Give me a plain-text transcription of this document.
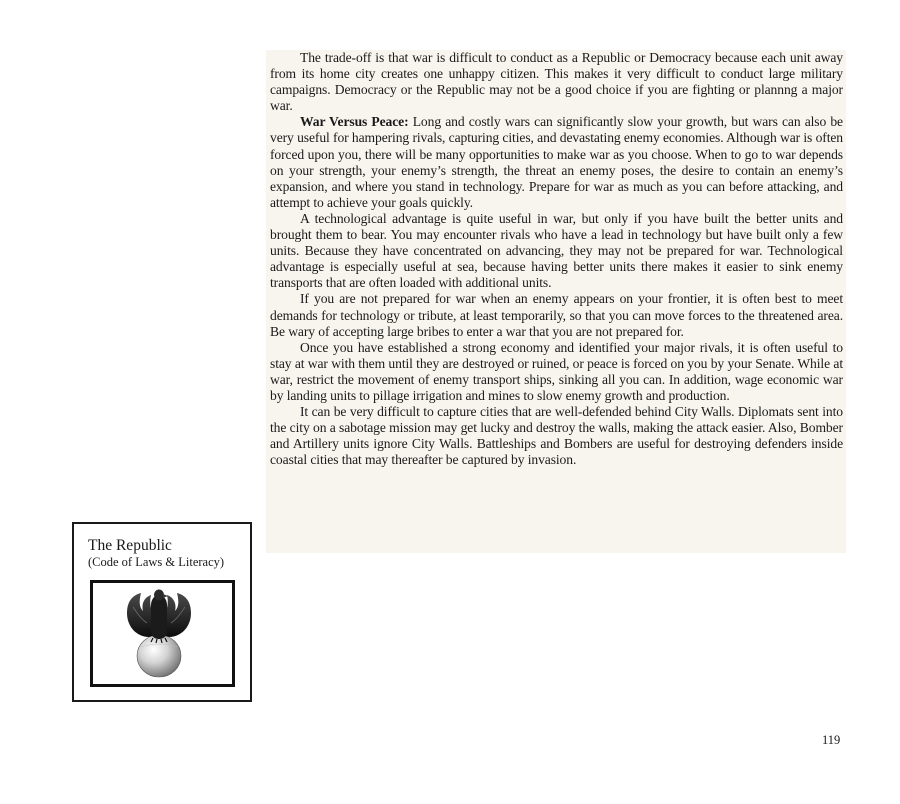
The trade-off is that war is difficult to conduct as a Republic or Democracy because each unit away from its home city creates one unhappy citizen. This makes it very difficult to conduct large military campaigns. Democracy or the Republic may not be a good choice if you are fighting or plannng a major war.

War Versus Peace: Long and costly wars can significantly slow your growth, but wars can also be very useful for hampering rivals, capturing cities, and devastating enemy economies. Although war is often forced upon you, there will be many opportunities to make war as you choose. When to go to war depends on your strength, your enemy’s strength, the threat an enemy poses, the desire to contain an enemy’s expansion, and where you stand in technology. Prepare for war as much as you can before attacking, and attempt to achieve your goals quickly.

A technological advantage is quite useful in war, but only if you have built the better units and brought them to bear. You may encounter rivals who have a lead in technology but have built only a few units. Because they have concentrated on advancing, they may not be prepared for war. Technological advantage is especially useful at sea, because having better units there makes it easier to sink enemy transports that are often loaded with additional units.

If you are not prepared for war when an enemy appears on your frontier, it is often best to meet demands for technology or tribute, at least temporarily, so that you can move forces to the threatened area. Be wary of accepting large bribes to enter a war that you are not prepared for.

Once you have established a strong economy and identified your major rivals, it is often useful to stay at war with them until they are destroyed or ruined, or peace is forced on you by your Senate. While at war, restrict the movement of enemy transport ships, sinking all you can. In addition, wage economic war by landing units to pillage irrigation and mines to slow enemy growth and production.

It can be very difficult to capture cities that are well-defended behind City Walls. Diplomats sent into the city on a sabotage mission may get lucky and destroy the walls, making the attack easier. Also, Bomber and Artillery units ignore City Walls. Battleships and Bombers are useful for destroying defenders inside coastal cities that may thereafter be captured by invasion.

The Republic
(Code of Laws & Literacy)
119
